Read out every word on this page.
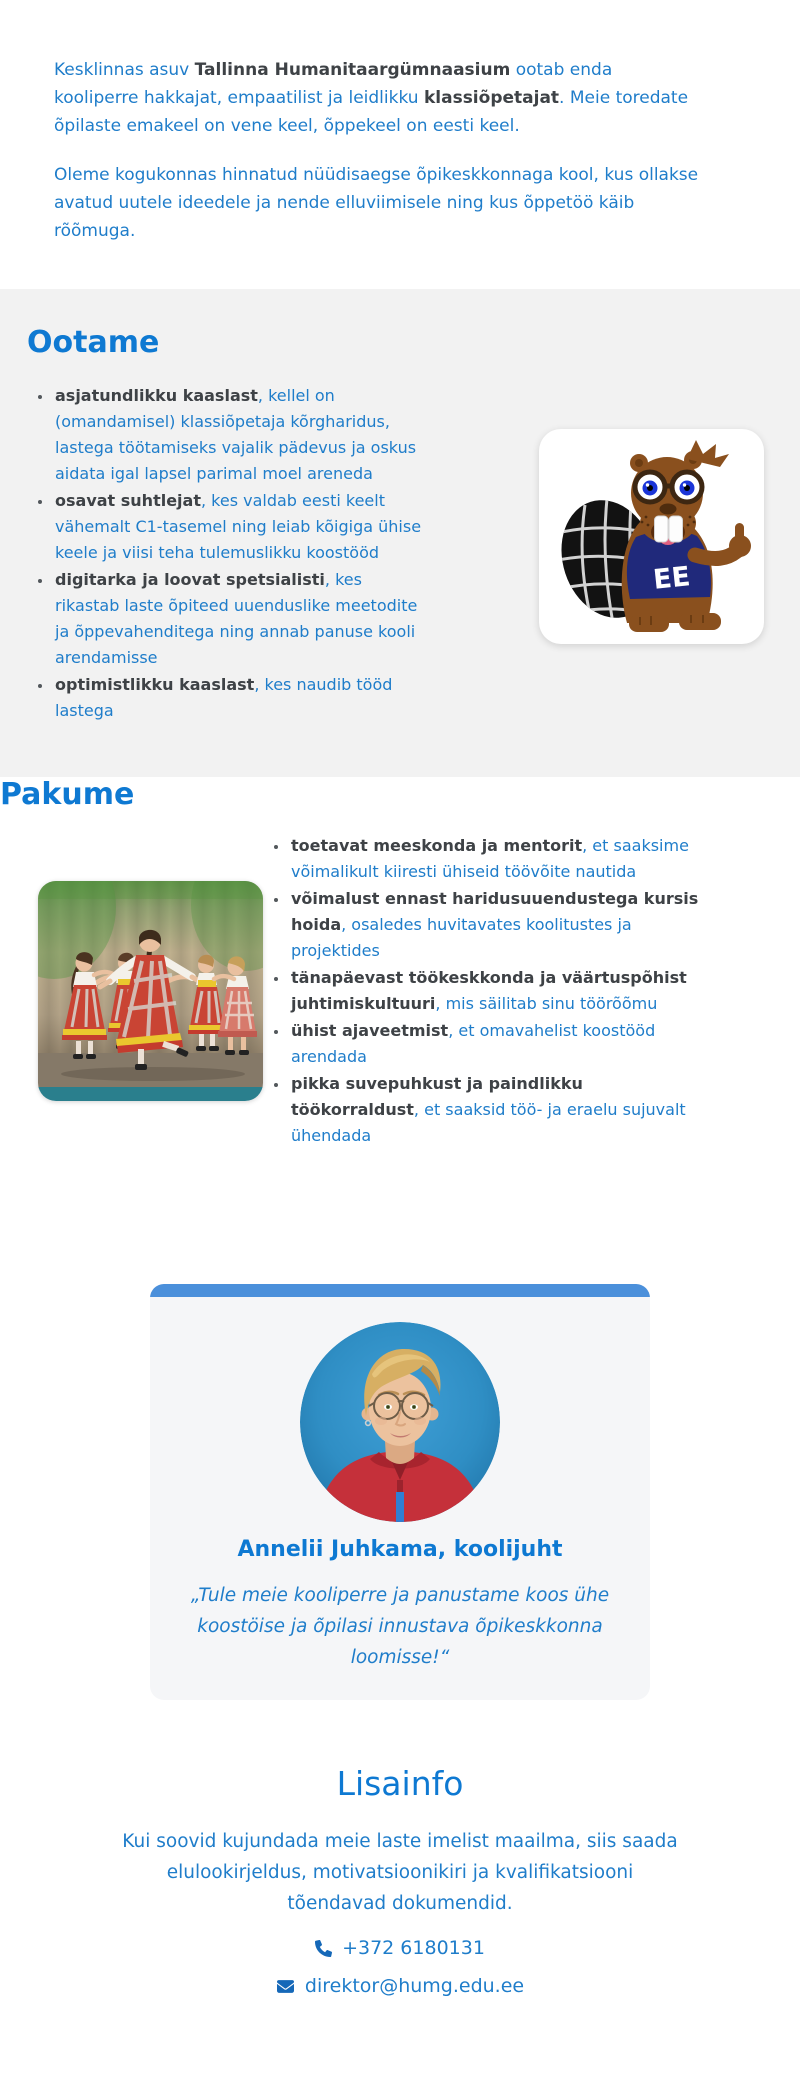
Kesklinnas asuv Tallinna Humanitaargümnaasium ootab enda kooliperre hakkajat, empaatilist ja leidlikku klassiõpetajat. Meie toredate õpilaste emakeel on vene keel, õppekeel on eesti keel.

Oleme kogukonnas hinnatud nüüdisaegse õpikeskkonnaga kool, kus ollakse avatud uutele ideedele ja nende elluviimisele ning kus õppetöö käib rõõmuga.

Ootame
• asjatundlikku kaaslast, kellel on (omandamisel) klassiõpetaja kõrgharidus, lastega töötamiseks vajalik pädevus ja oskus aidata igal lapsel parimal moel areneda
• osavat suhtlejat, kes valdab eesti keelt vähemalt C1-tasemel ning leiab kõigiga ühise keele ja viisi teha tulemuslikku koostööd
• digitarka ja loovat spetsialisti, kes rikastab laste õpiteed uuenduslike meetodite ja õppevahenditega ning annab panuse kooli arendamisse
• optimistlikku kaaslast, kes naudib tööd lastega
EE
Pakume
• toetavat meeskonda ja mentorit, et saaksime võimalikult kiiresti ühiseid töövõite nautida
• võimalust ennast haridusuuendustega kursis hoida, osaledes huvitavates koolitustes ja projektides
• tänapäevast töökeskkonda ja väärtuspõhist juhtimiskultuuri, mis säilitab sinu töörõõmu
• ühist ajaveetmist, et omavahelist koostööd arendada
• pikka suvepuhkust ja paindlikku töökorraldust, et saaksid töö- ja eraelu sujuvalt ühendada
Annelii Juhkama, koolijuht
„Tule meie kooliperre ja panustame koos ühe koostöise ja õpilasi innustava õpikeskkonna loomisse!“
Lisainfo

Kui soovid kujundada meie laste imelist maailma, siis saada elulookirjeldus, motivatsioonikiri ja kvalifikatsiooni tõendavad dokumendid.

+372 6180131
direktor@humg.edu.ee
